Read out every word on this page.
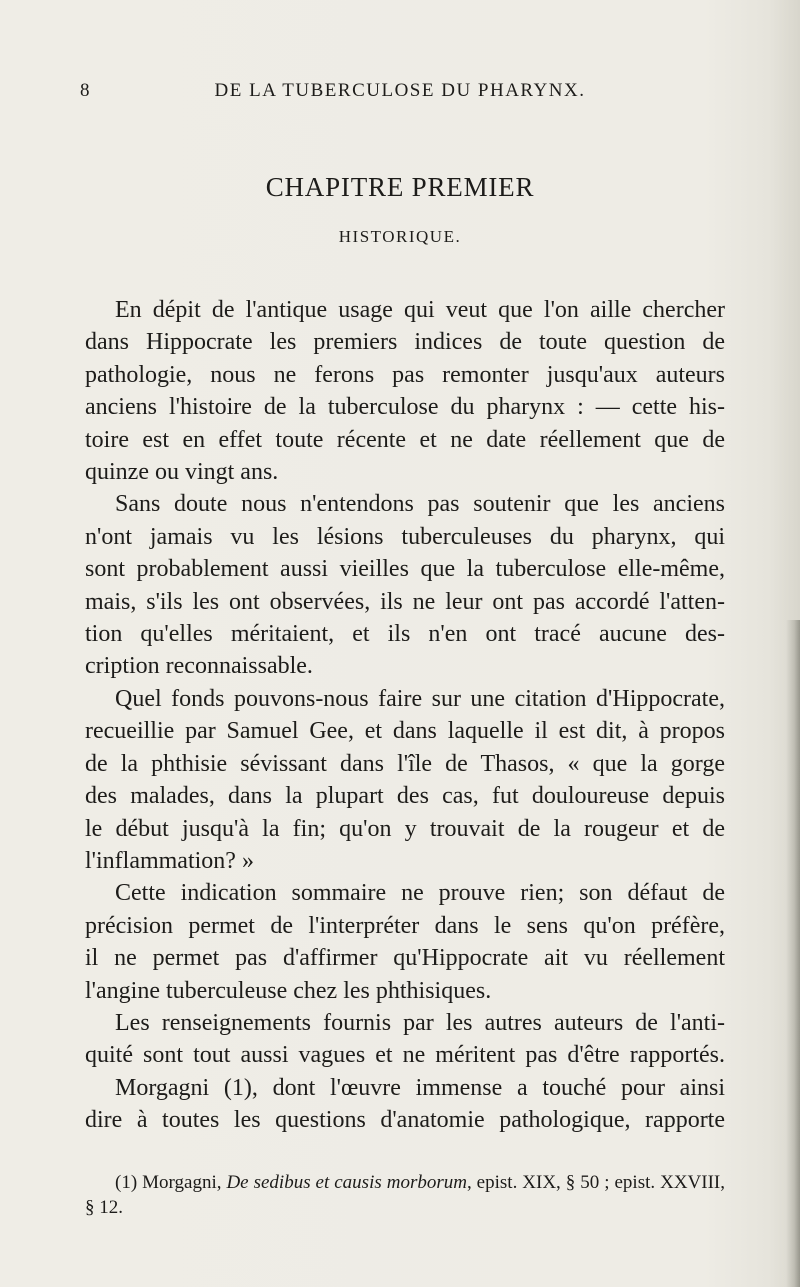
8	DE LA TUBERCULOSE DU PHARYNX.
CHAPITRE PREMIER
HISTORIQUE.
En dépit de l'antique usage qui veut que l'on aille chercher
dans Hippocrate les premiers indices de toute question de
pathologie, nous ne ferons pas remonter jusqu'aux auteurs
anciens l'histoire de la tuberculose du pharynx : — cette his-
toire est en effet toute récente et ne date réellement que de
quinze ou vingt ans.
Sans doute nous n'entendons pas soutenir que les anciens
n'ont jamais vu les lésions tuberculeuses du pharynx, qui
sont probablement aussi vieilles que la tuberculose elle-même,
mais, s'ils les ont observées, ils ne leur ont pas accordé l'atten-
tion qu'elles méritaient, et ils n'en ont tracé aucune des-
cription reconnaissable.
Quel fonds pouvons-nous faire sur une citation d'Hippocrate,
recueillie par Samuel Gee, et dans laquelle il est dit, à propos
de la phthisie sévissant dans l'île de Thasos, « que la gorge
des malades, dans la plupart des cas, fut douloureuse depuis
le début jusqu'à la fin; qu'on y trouvait de la rougeur et de
l'inflammation? »
Cette indication sommaire ne prouve rien; son défaut de
précision permet de l'interpréter dans le sens qu'on préfère,
il ne permet pas d'affirmer qu'Hippocrate ait vu réellement
l'angine tuberculeuse chez les phthisiques.
Les renseignements fournis par les autres auteurs de l'anti-
quité sont tout aussi vagues et ne méritent pas d'être rapportés.
Morgagni (1), dont l'œuvre immense a touché pour ainsi
dire à toutes les questions d'anatomie pathologique, rapporte
(1) Morgagni, De sedibus et causis morborum, epist. XIX, § 50 ; epist. XXVIII,
§ 12.
